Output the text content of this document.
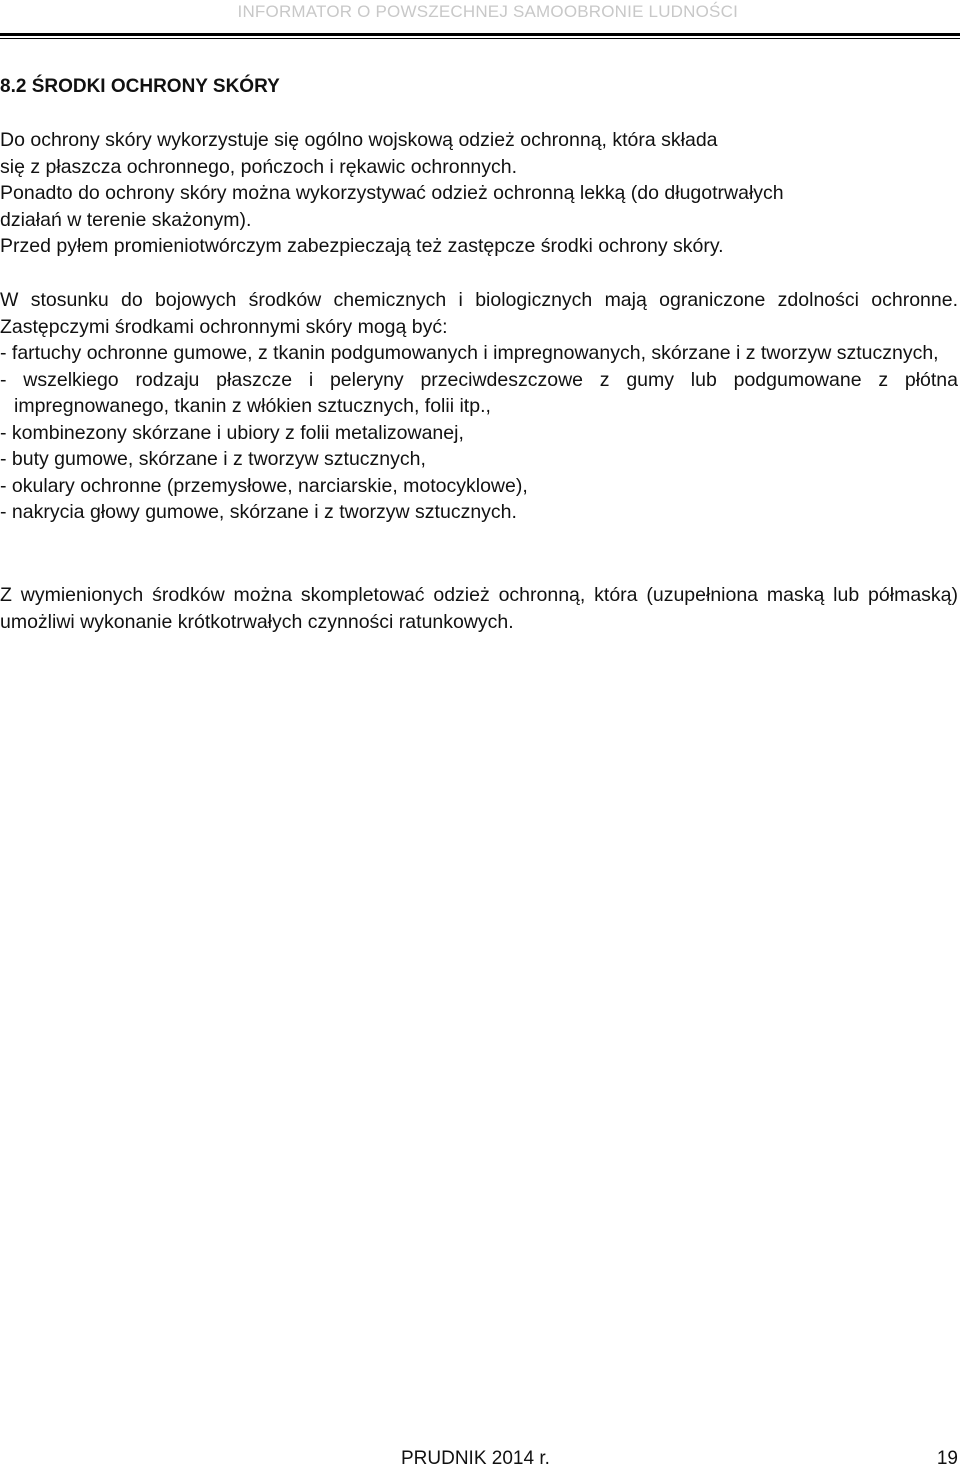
INFORMATOR O POWSZECHNEJ SAMOOBRONIE LUDNOŚCI
8.2 ŚRODKI OCHRONY SKÓRY
Do ochrony skóry wykorzystuje się ogólno wojskową odzież ochronną, która składa
się z płaszcza ochronnego, pończoch i rękawic ochronnych.
Ponadto do ochrony skóry można wykorzystywać odzież ochronną lekką (do długotrwałych
działań w terenie skażonym).
Przed pyłem promieniotwórczym zabezpieczają też zastępcze środki ochrony skóry.
W stosunku do bojowych środków chemicznych i biologicznych mają ograniczone zdolności ochronne. Zastępczymi środkami ochronnymi skóry mogą być:
- fartuchy ochronne gumowe, z tkanin podgumowanych i impregnowanych, skórzane i z tworzyw sztucznych,
- wszelkiego rodzaju płaszcze i peleryny przeciwdeszczowe z gumy lub podgumowane z płótna impregnowanego, tkanin z włókien sztucznych, folii itp.,
- kombinezony skórzane i ubiory z folii metalizowanej,
- buty gumowe, skórzane i z tworzyw sztucznych,
- okulary ochronne (przemysłowe, narciarskie, motocyklowe),
- nakrycia głowy gumowe, skórzane i z tworzyw sztucznych.
Z wymienionych środków można skompletować odzież ochronną, która (uzupełniona maską lub półmaską) umożliwi wykonanie krótkotrwałych czynności ratunkowych.
PRUDNIK 2014 r.	19
